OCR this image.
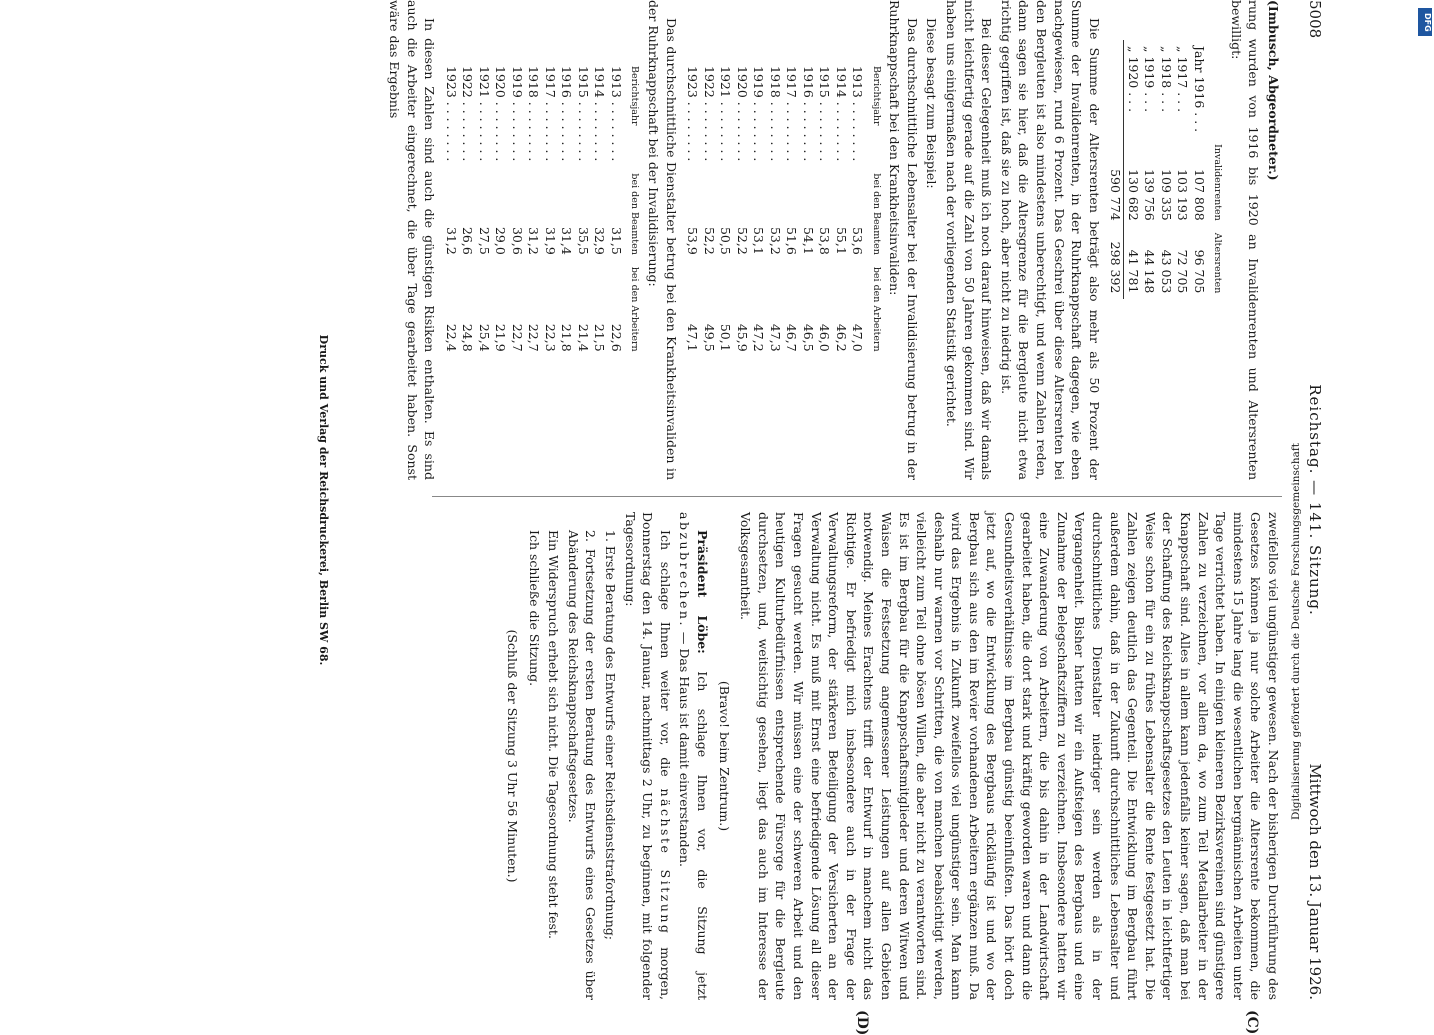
5008
Reichstag. — 141. Sitzung.
Mittwoch den 13. Januar 1926.
(C)
(D)

(Imbusch, Abgeordneter.)

rung wurden von 1916 bis 1920 an Invalidenrenten und Altersrenten bewilligt:

	Invalidenrenten	Altersrenten
Jahr 1916 . . .	107 808	96 705
„ 1917 . . .	103 193	72 705
„ 1918 . . .	109 335	43 053
„ 1919 . . .	139 756	44 148
„ 1920 . . .	130 682	41 781
	590 774	298 392

Die Summe der Altersrenten beträgt also mehr als 50 Prozent der Summe der Invalidenrenten, in der Ruhrknappschaft dagegen, wie eben nachgewiesen, rund 6 Prozent. Das Geschrei über diese Altersrenten bei den Bergleuten ist also mindestens unberechtigt, und wenn Zahlen reden, dann sagen sie hier, daß die Altersgrenze für die Bergleute nicht etwa richtig gegriffen ist, daß sie zu hoch, aber nicht zu niedrig ist.

Bei dieser Gelegenheit muß ich noch darauf hinweisen, daß wir damals nicht leichtfertig gerade auf die Zahl von 50 Jahren gekommen sind. Wir haben uns einigermaßen nach der vorliegenden Statistik gerichtet.

Diese besagt zum Beispiel:

Das durchschnittliche Lebensalter bei der Invalidisierung betrug in der Ruhrknappschaft bei den Krankheitsinvaliden:

Berichtsjahr	bei den Beamten	bei den Arbeitern
1913 . . . . . . . .	53,6	47,0
1914 . . . . . . . .	55,1	46,2
1915 . . . . . . . .	53,8	46,0
1916 . . . . . . . .	54,1	46,5
1917 . . . . . . . .	51,6	46,7
1918 . . . . . . . .	53,2	47,3
1919 . . . . . . . .	53,1	47,2
1920 . . . . . . . .	52,2	45,9
1921 . . . . . . . .	50,5	50,1
1922 . . . . . . . .	52,2	49,5
1923 . . . . . . . .	53,9	47,1

Das durchschnittliche Dienstalter betrug bei den Krankheitsinvaliden in der Ruhrknappschaft bei der Invalidisierung:

Berichtsjahr	bei den Beamten	bei den Arbeitern
1913 . . . . . . . .	31,5	22,6
1914 . . . . . . . .	32,9	21,5
1915 . . . . . . . .	35,5	21,4
1916 . . . . . . . .	31,4	21,8
1917 . . . . . . . .	31,9	22,3
1918 . . . . . . . .	31,2	22,7
1919 . . . . . . . .	30,6	22,7
1920 . . . . . . . .	29,0	21,9
1921 . . . . . . . .	27,5	25,4
1922 . . . . . . . .	26,6	24,8
1923 . . . . . . . .	31,2	22,4

In diesen Zahlen sind auch die günstigen Risiken enthalten. Es sind auch die Arbeiter eingerechnet, die über Tage gearbeitet haben. Sonst wäre das Ergebnis

zweifellos viel ungünstiger gewesen. Nach der bisherigen Durchführung des Gesetzes können ja nur solche Arbeiter die Altersrente bekommen, die mindestens 15 Jahre lang die wesentlichen bergmännischen Arbeiten unter Tage verrichtet haben. In einigen kleineren Bezirksvereinen sind günstigere Zahlen zu verzeichnen, vor allem da, wo zum Teil Metallarbeiter in der Knappschaft sind. Alles in allem kann jedenfalls keiner sagen, daß man bei der Schaffung des Reichsknappschaftsgesetzes den Leuten in leichtfertiger Weise schon für ein zu frühes Lebensalter die Rente festgesetzt hat. Die Zahlen zeigen deutlich das Gegenteil. Die Entwicklung im Bergbau führt außerdem dahin, daß in der Zukunft durchschnittliches Lebensalter und durchschnittliches Dienstalter niedriger sein werden als in der Vergangenheit. Bisher hatten wir ein Aufsteigen des Bergbaus und eine Zunahme der Belegschaftsziffern zu verzeichnen. Insbesondere hatten wir eine Zuwanderung von Arbeitern, die bis dahin in der Landwirtschaft gearbeitet haben, die dort stark und kräftig geworden waren und dann die Gesundheitsverhältnisse im Bergbau günstig beeinflußten. Das hört doch jetzt auf, wo die Entwicklung des Bergbaus rückläufig ist und wo der Bergbau sich aus den im Revier vorhandenen Arbeitern ergänzen muß. Da wird das Ergebnis in Zukunft zweifellos viel ungünstiger sein. Man kann deshalb nur warnen vor Schritten, die von manchen beabsichtigt werden, vielleicht zum Teil ohne bösen Willen, die aber nicht zu verantworten sind. Es ist im Bergbau für die Knappschaftsmitglieder und deren Witwen und Waisen die Festsetzung angemessener Leistungen auf allen Gebieten notwendig. Meines Erachtens trifft der Entwurf in manchem nicht das Richtige. Er befriedigt mich insbesondere auch in der Frage der Verwaltungsreform, der stärkeren Beteiligung der Versicherten an der Verwaltung nicht. Es muß mit Ernst eine befriedigende Lösung all dieser Fragen gesucht werden. Wir müssen eine der schweren Arbeit und den heutigen Kulturbedürfnissen entsprechende Fürsorge für die Bergleute durchsetzen, und, weitsichtig gesehen, liegt das auch im Interesse der Volksgesamtheit.

(Bravo! beim Zentrum.)

Präsident Löbe: Ich schlage Ihnen vor, die Sitzung jetzt abzubrechen. — Das Haus ist damit einverstanden.

Ich schlage Ihnen weiter vor, die nächste Sitzung morgen, Donnerstag den 14. Januar, nachmittags 2 Uhr, zu beginnen, mit folgender Tagesordnung:

1. Erste Beratung des Entwurfs einer Reichsdienststrafordnung;

2. Fortsetzung der ersten Beratung des Entwurfs eines Gesetzes über Abänderung des Reichsknappschaftsgesetzes.

Ein Widerspruch erhebt sich nicht. Die Tagesordnung steht fest.

Ich schließe die Sitzung.

(Schluß der Sitzung 3 Uhr 56 Minuten.)

Druck und Verlag der Reichsdruckerei, Berlin SW 68.	Digitalisierung gefördert durch die Deutsche Forschungsgemeinschaft
DFG
